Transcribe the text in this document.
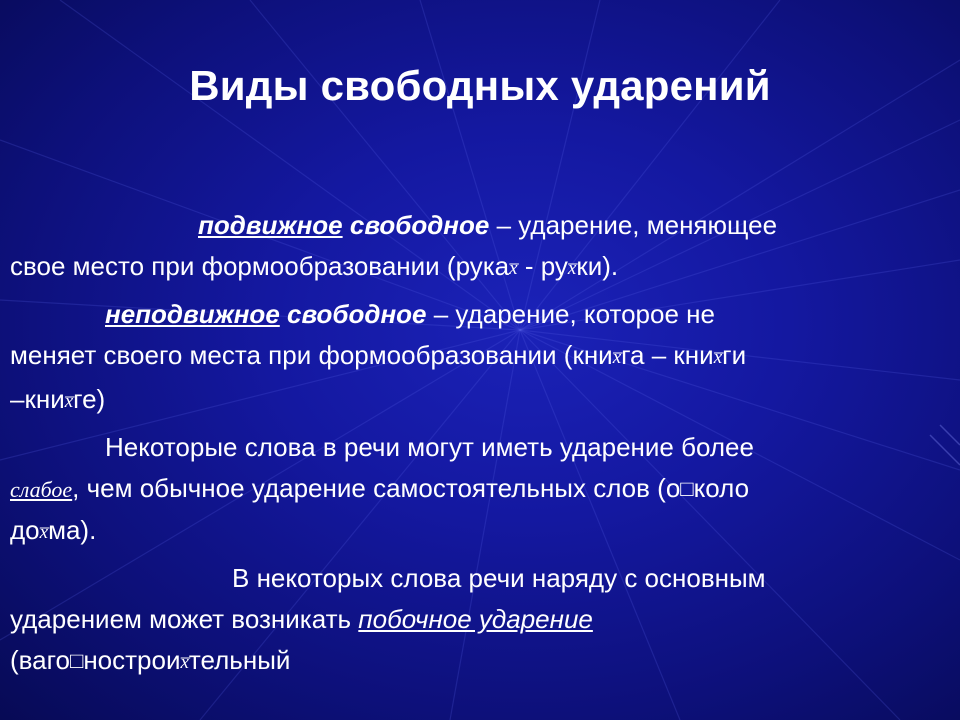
Виды свободных ударений

подвижное свободное – ударение, меняющее
свое место при формообразовании (рукаx̅ - руx̅ки).

неподвижное свободное – ударение, которое не
меняет своего места при формообразовании (книx̅га – книx̅ги
–книx̅ге)

Некоторые слова в речи могут иметь ударение более
слабое, чем обычное ударение самостоятельных слов (о□коло
доx̅ма).

В некоторых слова речи наряду с основным
ударением может возникать побочное ударение
(ваго□ностроиx̅тельный
